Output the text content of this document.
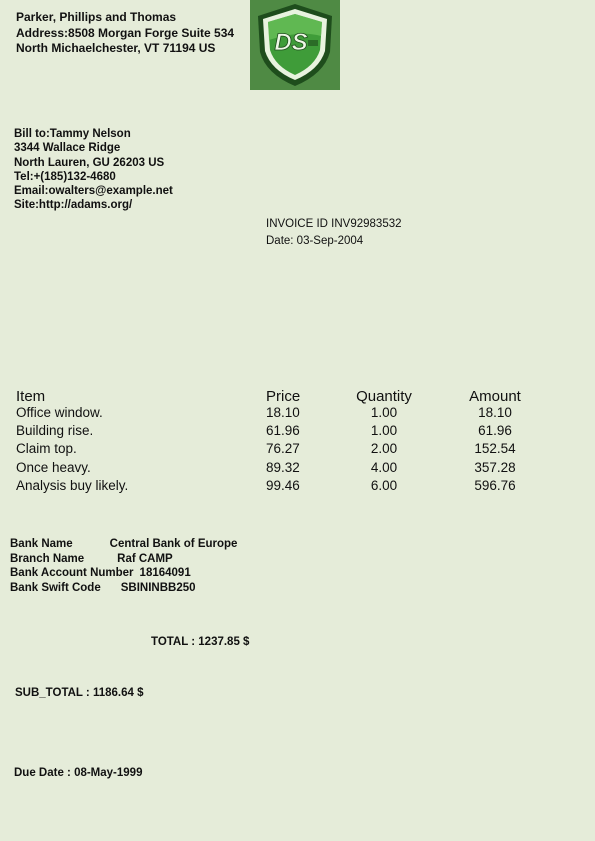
Parker, Phillips and Thomas
Address:8508 Morgan Forge Suite 534
North Michaelchester, VT 71194 US	DS
Bill to:Tammy Nelson
3344 Wallace Ridge
North Lauren, GU 26203 US
Tel:+(185)132-4680
Email:owalters@example.net
Site:http://adams.org/
INVOICE ID INV92983532
Date: 03-Sep-2004
Item	Price	Quantity	Amount
Office window.	18.10	1.00	18.10
Building rise.	61.96	1.00	61.96
Claim top.	76.27	2.00	152.54
Once heavy.	89.32	4.00	357.28
Analysis buy likely.	99.46	6.00	596.76
Bank Name	Central Bank of Europe
Branch Name	Raf CAMP
Bank Account Number 18164091
Bank Swift Code SBININBB250
TOTAL : 1237.85 $
SUB_TOTAL : 1186.64 $
Due Date : 08-May-1999
